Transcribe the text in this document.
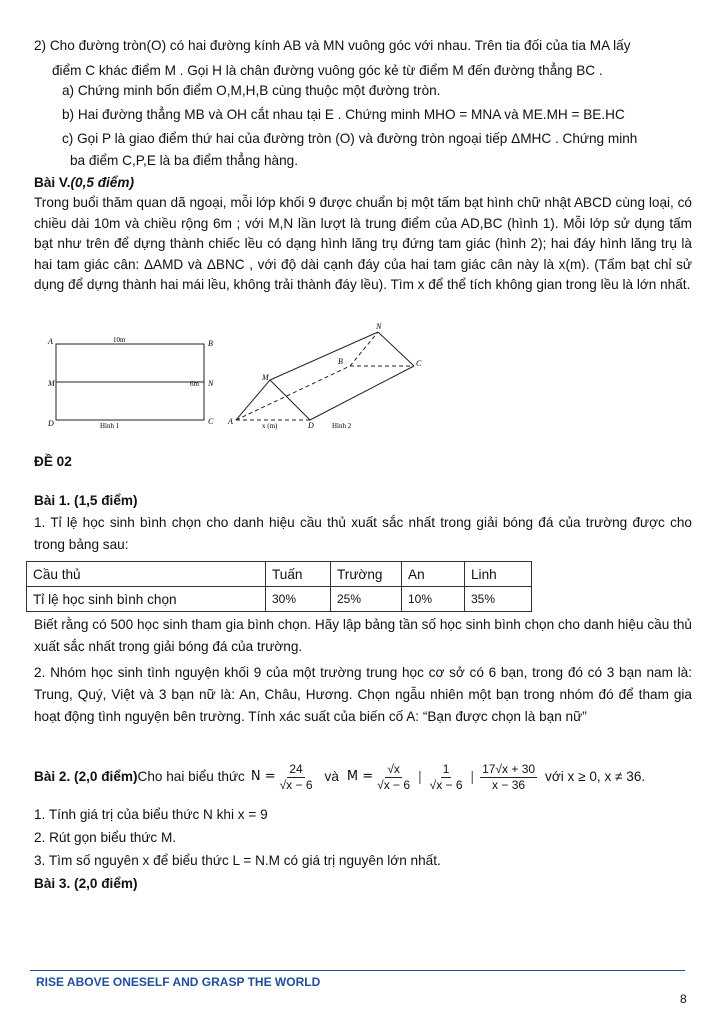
2) Cho đường tròn(O) có hai đường kính AB và MN vuông góc với nhau. Trên tia đối của tia MA lấy
điểm C khác điểm M . Gọi H là chân đường vuông góc kẻ từ điểm M đến đường thẳng BC .
a) Chứng minh bốn điểm O,M,H,B cùng thuộc một đường tròn.
b) Hai đường thẳng MB và OH cắt nhau tại E . Chứng minh MHO = MNA và ME.MH = BE.HC
c) Gọi P là giao điểm thứ hai của đường tròn (O) và đường tròn ngoại tiếp ΔMHC . Chứng minh
ba điểm C,P,E là ba điểm thẳng hàng.
Bài V.(0,5 điểm)
Trong buổi thăm quan dã ngoại, mỗi lớp khối 9 được chuẩn bị một tấm bạt hình chữ nhật ABCD cùng loại, có chiều dài 10m và chiều rộng 6m ; với M,N lần lượt là trung điểm của AD,BC (hình 1). Mỗi lớp sử dụng tấm bạt như trên để dựng thành chiếc lều có dạng hình lăng trụ đứng tam giác (hình 2); hai đáy hình lăng trụ là hai tam giác cân: ΔAMD và ΔBNC , với độ dài cạnh đáy của hai tam giác cân này là x(m). (Tấm bạt chỉ sử dụng để dựng thành hai mái lều, không trải thành đáy lều). Tìm x để thể tích không gian trong lều là lớn nhất.
A	B
M	N
D	C
10m
6m
Hình 1	A
M
D
N
B	C
x (m)	Hình 2
ĐỀ 02
Bài 1. (1,5 điểm)
1. Tỉ lệ học sinh bình chọn cho danh hiệu cầu thủ xuất sắc nhất trong giải bóng đá của trường được cho trong bảng sau:
Cầu thủ	Tuấn	Trường	An	Linh
Tỉ lệ học sinh bình chọn	30%	25%	10%	35%
Biết rằng có 500 học sinh tham gia bình chọn. Hãy lập bảng tần số học sinh bình chọn cho danh hiệu cầu thủ xuất sắc nhất trong giải bóng đá của trường.
2. Nhóm học sinh tình nguyện khối 9 của một trường trung học cơ sở có 6 bạn, trong đó có 3 bạn nam là: Trung, Quý, Việt và 3 bạn nữ là: An, Châu, Hương. Chọn ngẫu nhiên một bạn trong nhóm đó để tham gia hoạt động tình nguyện bên trường. Tính xác suất của biến cố A: “Bạn được chọn là bạn nữ”
Bài 2. (2,0 điểm) Cho hai biểu thức $N = \frac{24}{√x - 6}$ và $M = \frac{√x}{√x - 6}$ | $\frac{1}{√x - 6}$ | $\frac{17√x + 30}{x - 36}$ với x ≥ 0, x ≠ 36.
1. Tính giá trị của biểu thức N khi x = 9
2. Rút gọn biểu thức M.
3. Tìm số nguyên x để biểu thức L = N.M có giá trị nguyên lớn nhất.
Bài 3. (2,0 điểm)
RISE ABOVE ONESELF AND GRASP THE WORLD
8
